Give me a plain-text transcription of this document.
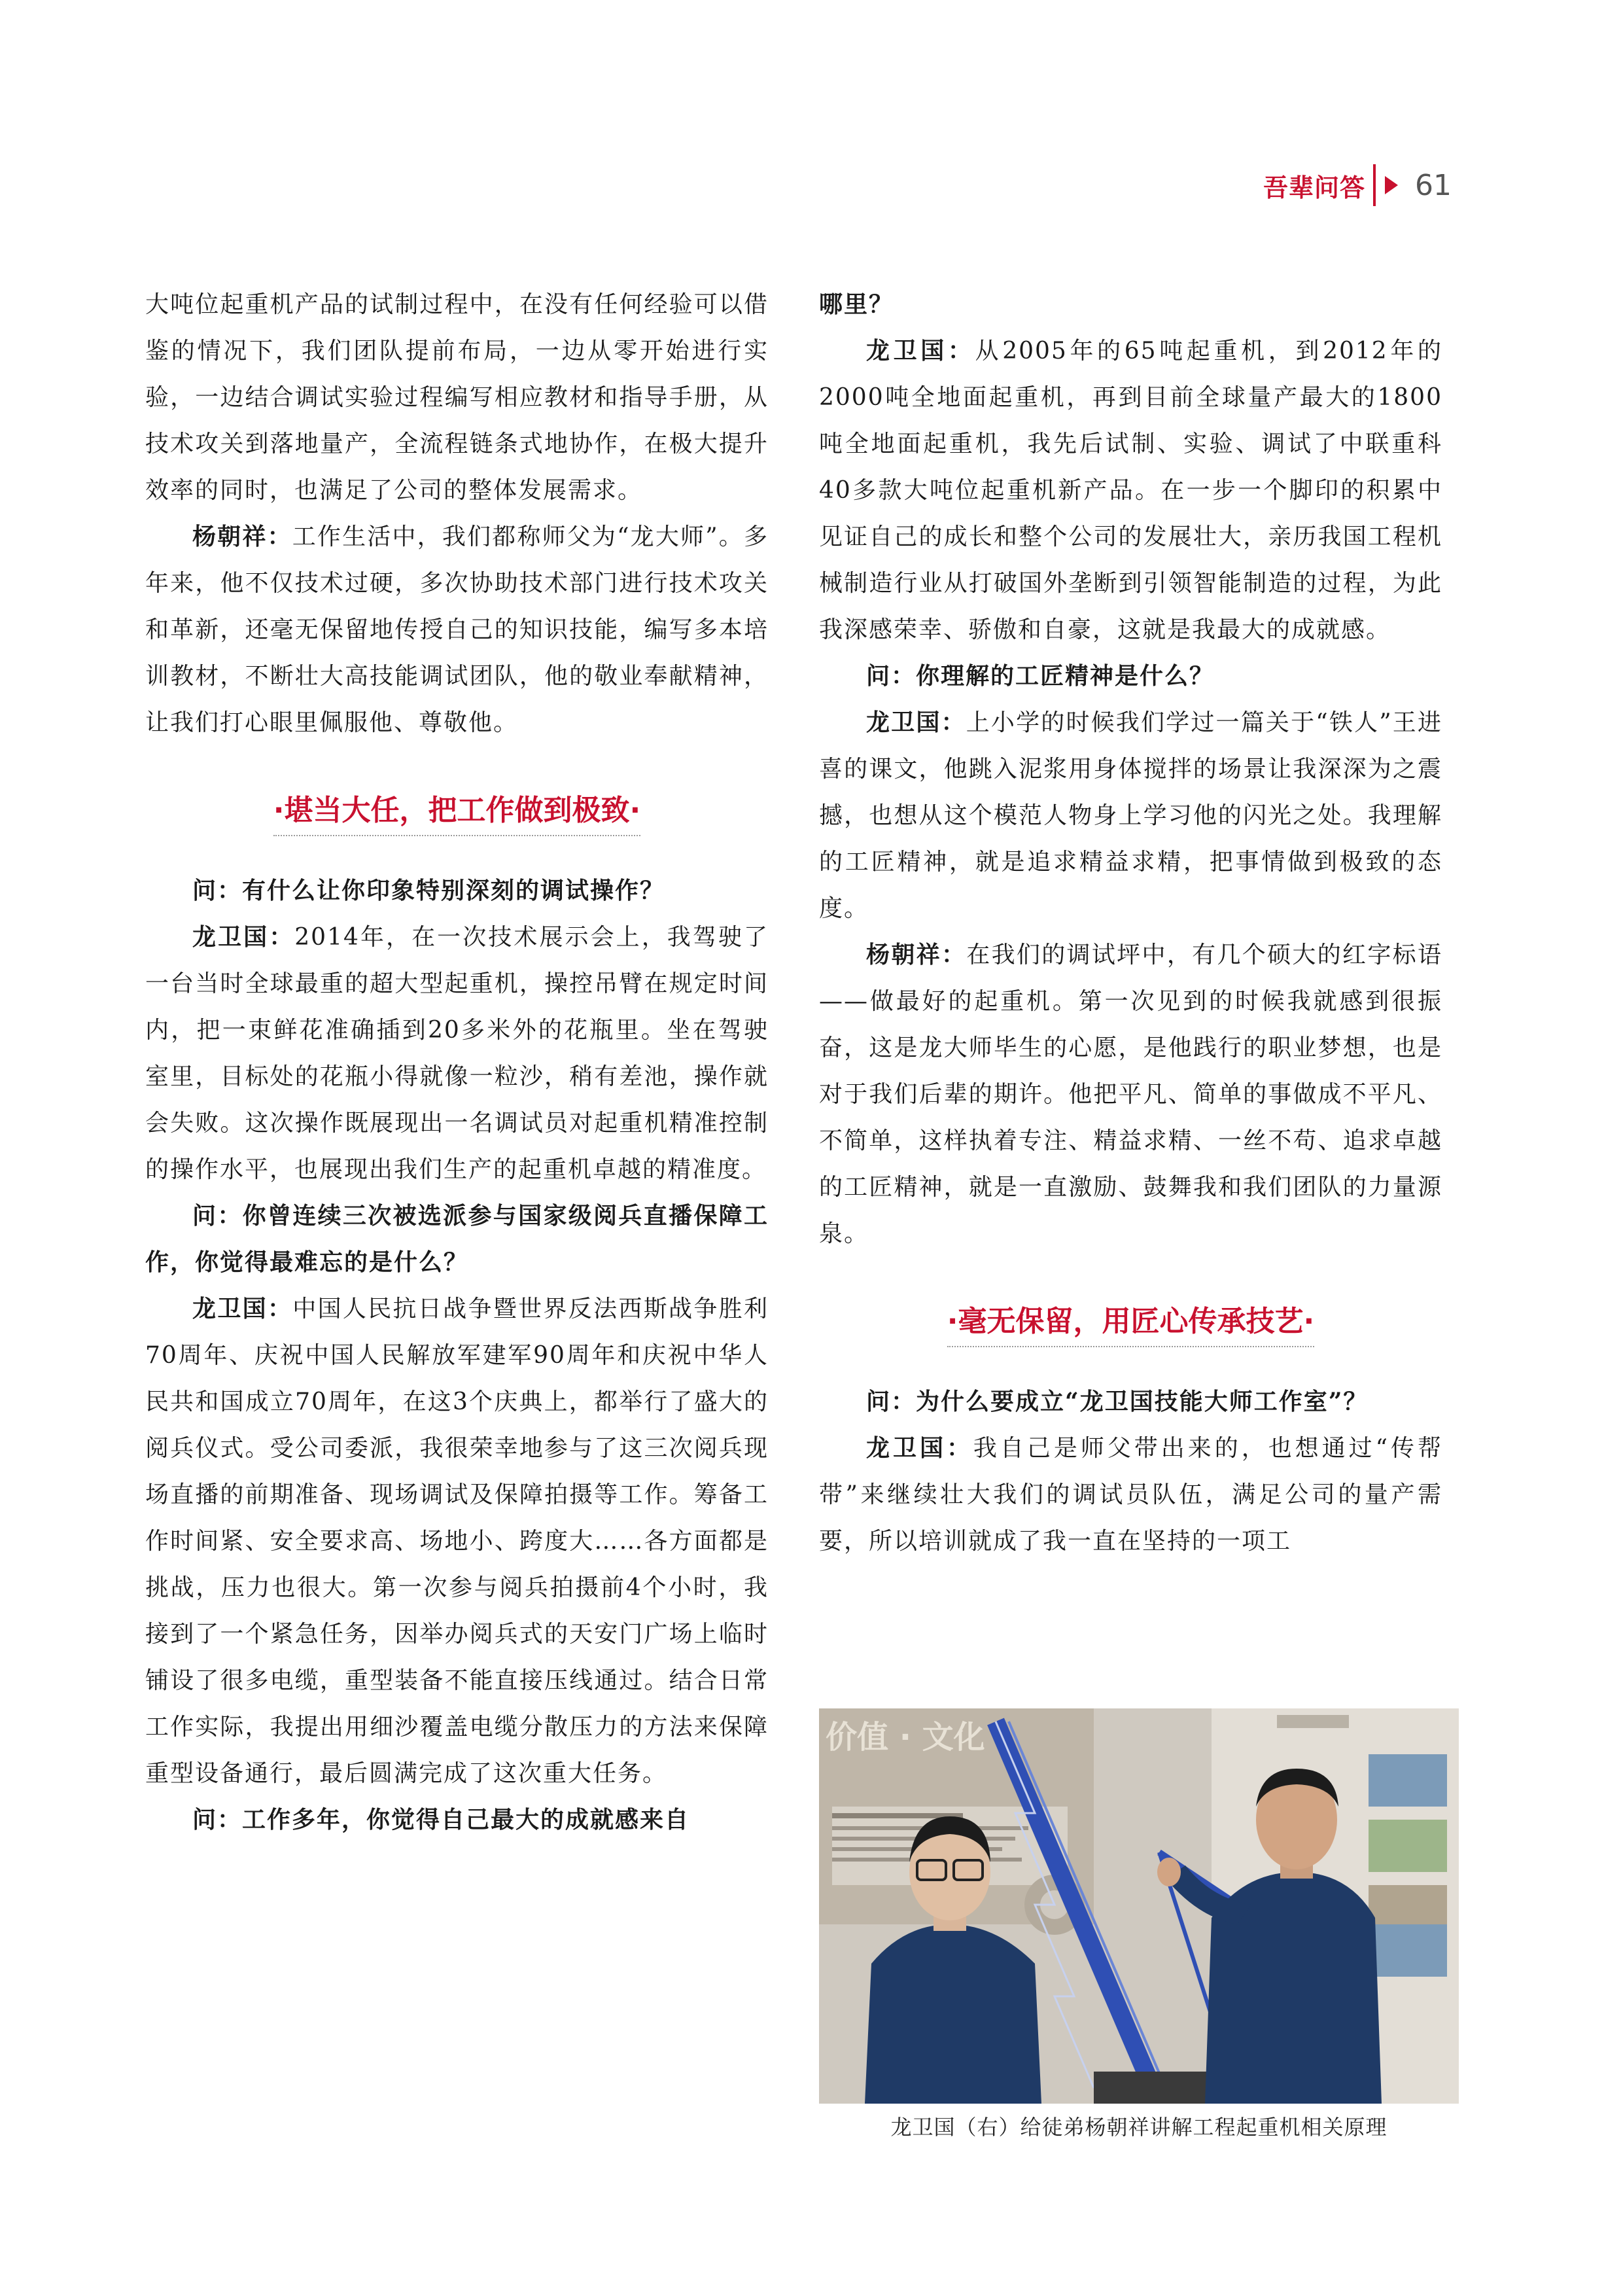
吾辈问答 61

大吨位起重机产品的试制过程中，在没有任何经验可以借鉴的情况下，我们团队提前布局，一边从零开始进行实验，一边结合调试实验过程编写相应教材和指导手册，从技术攻关到落地量产，全流程链条式地协作，在极大提升效率的同时，也满足了公司的整体发展需求。

杨朝祥：工作生活中，我们都称师父为“龙大师”。多年来，他不仅技术过硬，多次协助技术部门进行技术攻关和革新，还毫无保留地传授自己的知识技能，编写多本培训教材，不断壮大高技能调试团队，他的敬业奉献精神，让我们打心眼里佩服他、尊敬他。

·堪当大任，把工作做到极致·

问：有什么让你印象特别深刻的调试操作？

龙卫国：2014年，在一次技术展示会上，我驾驶了一台当时全球最重的超大型起重机，操控吊臂在规定时间内，把一束鲜花准确插到20多米外的花瓶里。坐在驾驶室里，目标处的花瓶小得就像一粒沙，稍有差池，操作就会失败。这次操作既展现出一名调试员对起重机精准控制的操作水平，也展现出我们生产的起重机卓越的精准度。

问：你曾连续三次被选派参与国家级阅兵直播保障工作，你觉得最难忘的是什么？

龙卫国：中国人民抗日战争暨世界反法西斯战争胜利70周年、庆祝中国人民解放军建军90周年和庆祝中华人民共和国成立70周年，在这3个庆典上，都举行了盛大的阅兵仪式。受公司委派，我很荣幸地参与了这三次阅兵现场直播的前期准备、现场调试及保障拍摄等工作。筹备工作时间紧、安全要求高、场地小、跨度大……各方面都是挑战，压力也很大。第一次参与阅兵拍摄前4个小时，我接到了一个紧急任务，因举办阅兵式的天安门广场上临时铺设了很多电缆，重型装备不能直接压线通过。结合日常工作实际，我提出用细沙覆盖电缆分散压力的方法来保障重型设备通行，最后圆满完成了这次重大任务。

问：工作多年，你觉得自己最大的成就感来自

哪里？

龙卫国：从2005年的65吨起重机，到2012年的2000吨全地面起重机，再到目前全球量产最大的1800吨全地面起重机，我先后试制、实验、调试了中联重科40多款大吨位起重机新产品。在一步一个脚印的积累中见证自己的成长和整个公司的发展壮大，亲历我国工程机械制造行业从打破国外垄断到引领智能制造的过程，为此我深感荣幸、骄傲和自豪，这就是我最大的成就感。

问：你理解的工匠精神是什么？

龙卫国：上小学的时候我们学过一篇关于“铁人”王进喜的课文，他跳入泥浆用身体搅拌的场景让我深深为之震撼，也想从这个模范人物身上学习他的闪光之处。我理解的工匠精神，就是追求精益求精，把事情做到极致的态度。

杨朝祥：在我们的调试坪中，有几个硕大的红字标语——做最好的起重机。第一次见到的时候我就感到很振奋，这是龙大师毕生的心愿，是他践行的职业梦想，也是对于我们后辈的期许。他把平凡、简单的事做成不平凡、不简单，这样执着专注、精益求精、一丝不苟、追求卓越的工匠精神，就是一直激励、鼓舞我和我们团队的力量源泉。

·毫无保留，用匠心传承技艺·

问：为什么要成立“龙卫国技能大师工作室”？

龙卫国：我自己是师父带出来的，也想通过“传帮带”来继续壮大我们的调试员队伍，满足公司的量产需要，所以培训就成了我一直在坚持的一项工

价值 · 文化
龙卫国（右）给徒弟杨朝祥讲解工程起重机相关原理
